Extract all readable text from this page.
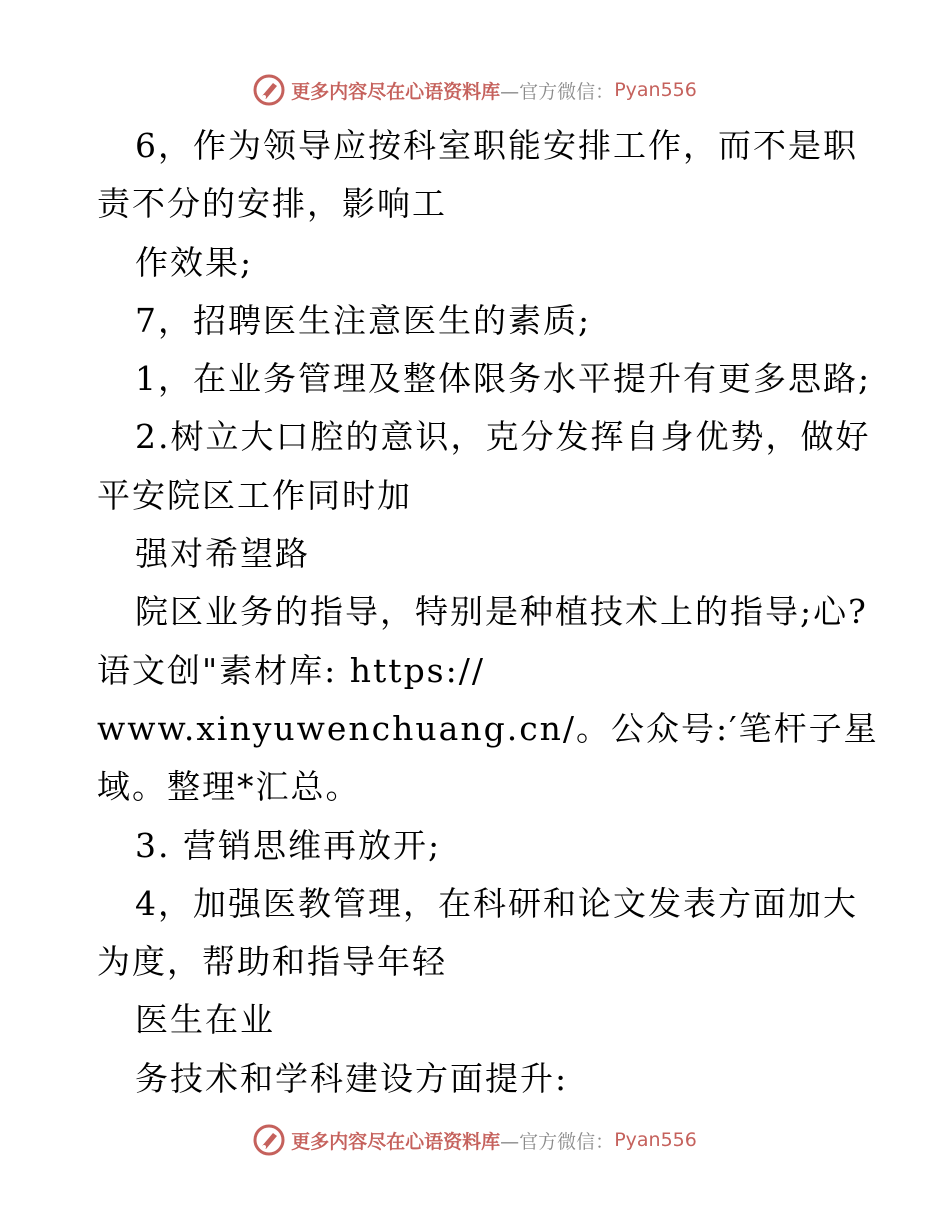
更多内容尽在心语资料库 —官方微信： Pyan556
6，作为领导应按科室职能安排工作，而不是职
责不分的安排，影响工
作效果;
7，招聘医生注意医生的素质;
1，在业务管理及整体限务水平提升有更多思路;
2.树立大口腔的意识，克分发挥自身优势，做好
平安院区工作同时加
强对希望路
院区业务的指导，特别是种植技术上的指导;心?
语文创"素材库: https://
www.xinyuwenchuang.cn/。公众号:′笔杆子星
域。整理*汇总。
3. 营销思维再放开;
4，加强医教管理，在科研和论文发表方面加大
为度，帮助和指导年轻
医生在业
务技术和学科建设方面提升:
更多内容尽在心语资料库 —官方微信： Pyan556
